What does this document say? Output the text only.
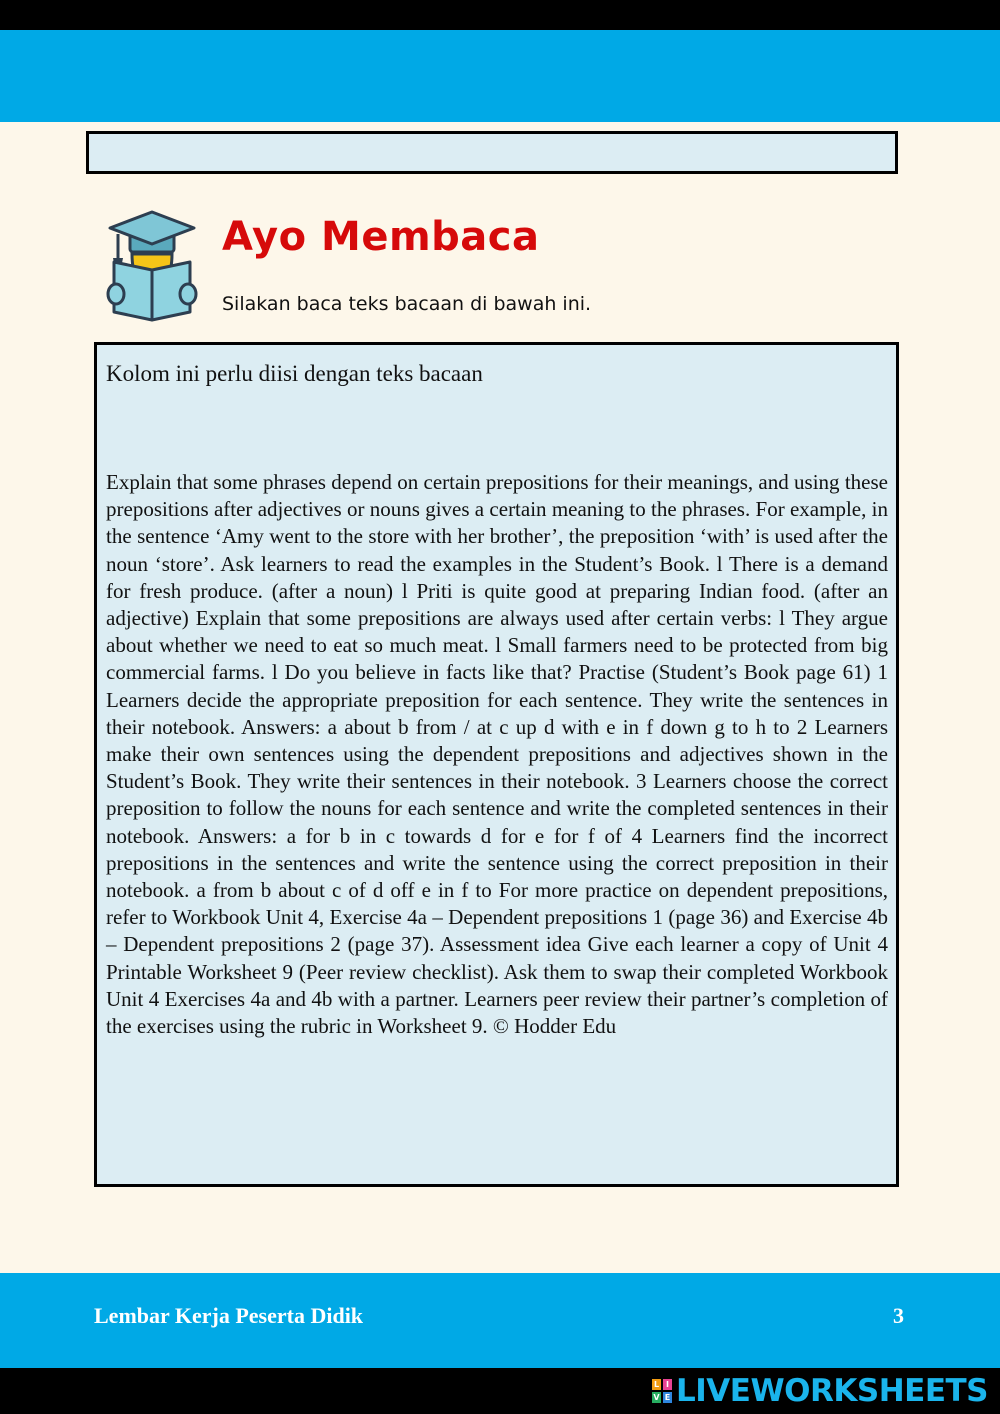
Ayo Membaca
Silakan baca teks bacaan di bawah ini.
Kolom ini perlu diisi dengan teks bacaan
Explain that some phrases depend on certain prepositions for their meanings, and using these prepositions after adjectives or nouns gives a certain meaning to the phrases. For example, in the sentence ‘Amy went to the store with her brother’, the preposition ‘with’ is used after the noun ‘store’. Ask learners to read the examples in the Student’s Book. l There is a demand for fresh produce. (after a noun) l Priti is quite good at preparing Indian food. (after an adjective) Explain that some prepositions are always used after certain verbs: l They argue about whether we need to eat so much meat. l Small farmers need to be protected from big commercial farms. l Do you believe in facts like that? Practise (Student’s Book page 61) 1 Learners decide the appropriate preposition for each sentence. They write the sentences in their notebook. Answers: a about b from / at c up d with e in f down g to h to 2 Learners make their own sentences using the dependent prepositions and adjectives shown in the Student’s Book. They write their sentences in their notebook. 3 Learners choose the correct preposition to follow the nouns for each sentence and write the completed sentences in their notebook. Answers: a for b in c towards d for e for f of 4 Learners find the incorrect prepositions in the sentences and write the sentence using the correct preposition in their notebook. a from b about c of d off e in f to For more practice on dependent prepositions, refer to Workbook Unit 4, Exercise 4a – Dependent prepositions 1 (page 36) and Exercise 4b – Dependent prepositions 2 (page 37). Assessment idea Give each learner a copy of Unit 4 Printable Worksheet 9 (Peer review checklist). Ask them to swap their completed Workbook Unit 4 Exercises 4a and 4b with a partner. Learners peer review their partner’s completion of the exercises using the rubric in Worksheet 9. © Hodder Edu
Lembar Kerja Peserta Didik	3
L I
V E LIVEWORKSHEETS
